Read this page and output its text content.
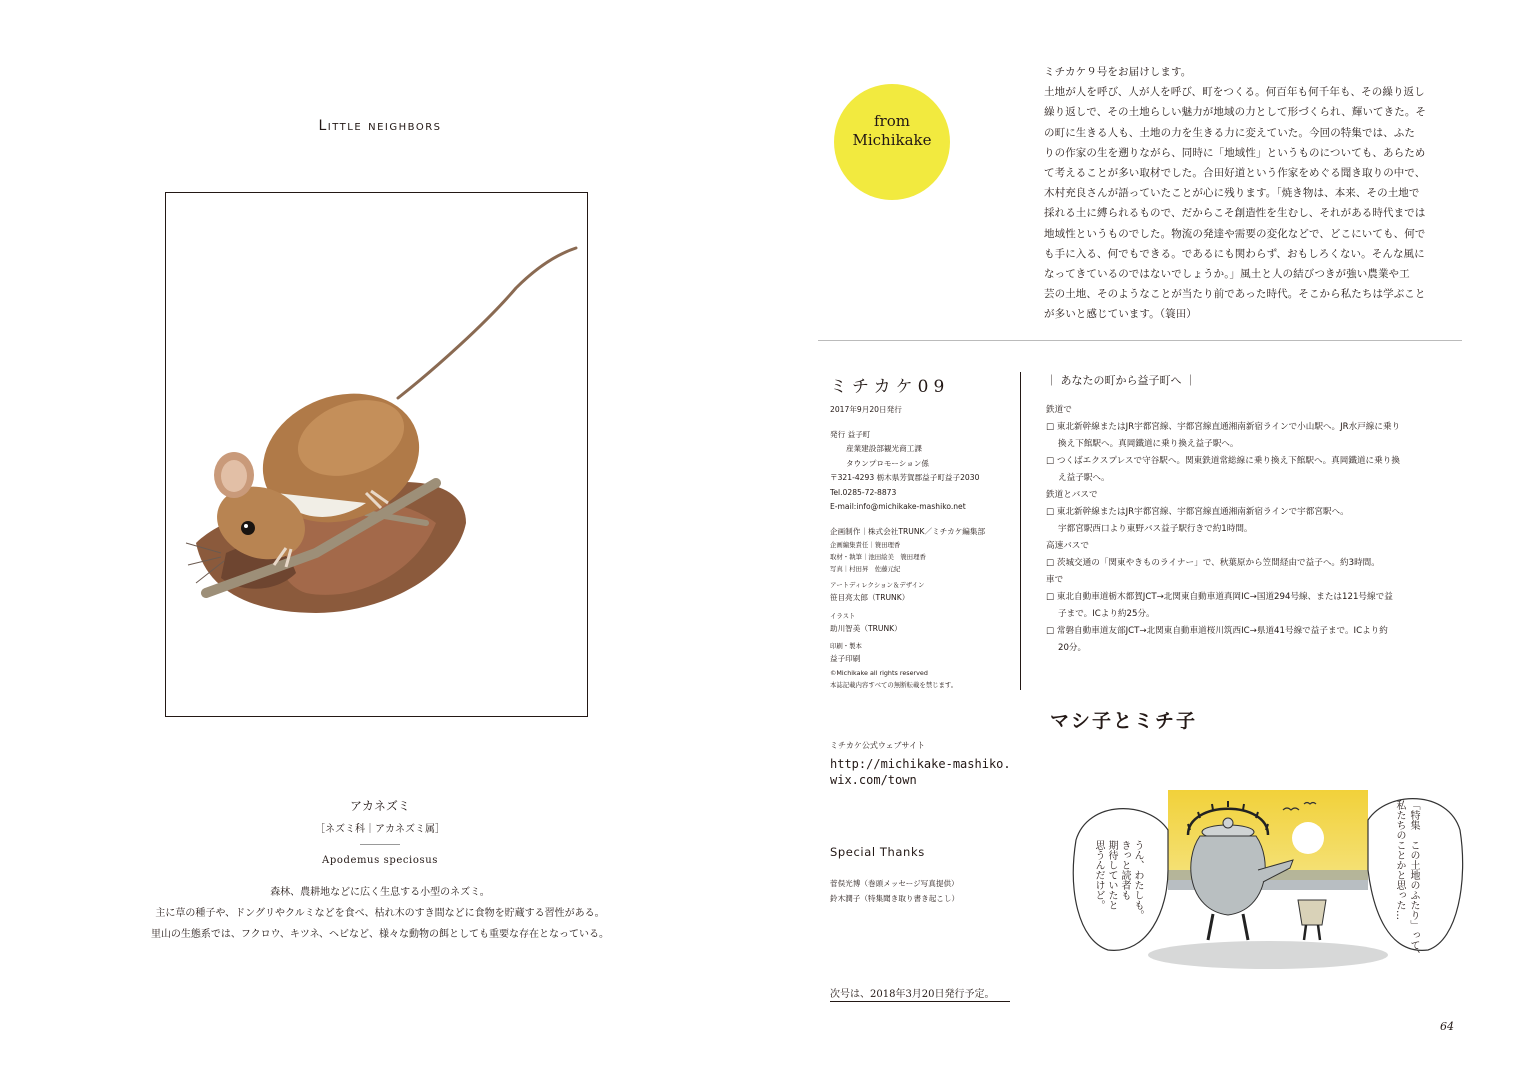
Little neighbors
アカネズミ
［ネズミ科｜アカネズミ属］
Apodemus speciosus
森林、農耕地などに広く生息する小型のネズミ。
主に草の種子や、ドングリやクルミなどを食べ、枯れ木のすき間などに食物を貯蔵する習性がある。
里山の生態系では、フクロウ、キツネ、ヘビなど、様々な動物の餌としても重要な存在となっている。
from
Michikake
ミチカケ９号をお届けします。
土地が人を呼び、人が人を呼び、町をつくる。何百年も何千年も、その繰り返し
繰り返しで、その土地らしい魅力が地域の力として形づくられ、輝いてきた。そ
の町に生きる人も、土地の力を生きる力に変えていた。今回の特集では、ふた
りの作家の生を遡りながら、同時に「地域性」というものについても、あらため
て考えることが多い取材でした。合田好道という作家をめぐる聞き取りの中で、
木村充良さんが語っていたことが心に残ります。「焼き物は、本来、その土地で
採れる土に縛られるもので、だからこそ創造性を生むし、それがある時代までは
地域性というものでした。物流の発達や需要の変化などで、どこにいても、何で
も手に入る、何でもできる。であるにも関わらず、おもしろくない。そんな風に
なってきているのではないでしょうか。」風土と人の結びつきが強い農業や工
芸の土地、そのようなことが当たり前であった時代。そこから私たちは学ぶこと
が多いと感じています。（簑田）
ミチカケ09
2017年9月20日発行
発行 益子町
産業建設部観光商工課
タウンプロモーション係
〒321-4293 栃木県芳賀郡益子町益子2030
Tel.0285-72-8873
E-mail:info@michikake-mashiko.net
企画制作｜株式会社TRUNK／ミチカケ編集部
企画編集責任｜簑田理香
取材・執筆｜池田絵美　簑田理香
写真｜村田昇　佐藤元紀
アートディレクション＆デザイン
笹目亮太郎（TRUNK）
イラスト
助川智美（TRUNK）
印刷・製本
益子印刷
©Michikake all rights reserved
本誌記載内容すべての無断転載を禁じます。
ミチカケ公式ウェブサイト
http://michikake-mashiko.
wix.com/town
Special Thanks
菅俣光博（巻頭メッセージ写真提供）
鈴木潤子（特集聞き取り書き起こし）
次号は、2018年3月20日発行予定。
｜ あなたの町から益子町へ ｜
鉄道で
□ 東北新幹線またはJR宇都宮線、宇都宮線直通湘南新宿ラインで小山駅へ。JR水戸線に乗り
換え下館駅へ。真岡鐵道に乗り換え益子駅へ。
□ つくばエクスプレスで守谷駅へ。関東鉄道常総線に乗り換え下館駅へ。真岡鐵道に乗り換
え益子駅へ。
鉄道とバスで
□ 東北新幹線またはJR宇都宮線、宇都宮線直通湘南新宿ラインで宇都宮駅へ。
宇都宮駅西口より東野バス益子駅行きで約1時間。
高速バスで
□ 茨城交通の「関東やきものライナー」で、秋葉原から笠間経由で益子へ。約3時間。
車で
□ 東北自動車道栃木都賀JCT→北関東自動車道真岡IC→国道294号線、または121号線で益
子まで。ICより約25分。
□ 常磐自動車道友部JCT→北関東自動車道桜川筑西IC→県道41号線で益子まで。ICより約
20分。
マシ子とミチ子
「特集　この土地のふたり」って、
私たちのことかと思った…
うん、わたしも。
きっと読者も
期待していたと
思うんだけど。
64
